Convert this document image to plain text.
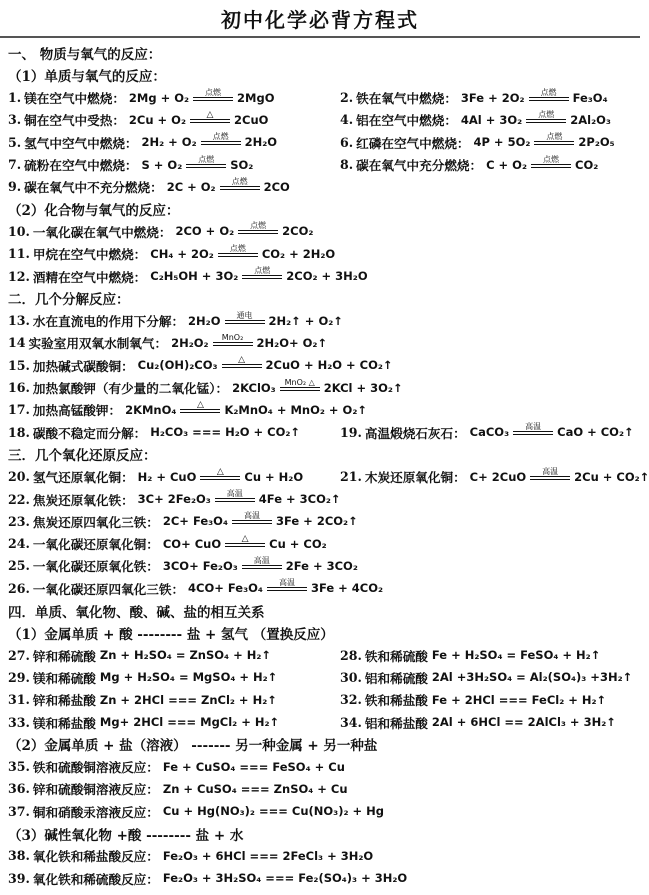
初中化学必背方程式
一、 物质与氧气的反应：
（1）单质与氧气的反应：
1. 镁在空气中燃烧： 2Mg + O₂ 点燃 2MgO	2. 铁在氧气中燃烧： 3Fe + 2O₂ 点燃 Fe₃O₄
3. 铜在空气中受热： 2Cu + O₂ △ 2CuO	4. 铝在空气中燃烧： 4Al + 3O₂ 点燃 2Al₂O₃
5. 氢气中空气中燃烧： 2H₂ + O₂ 点燃 2H₂O	6. 红磷在空气中燃烧： 4P + 5O₂ 点燃 2P₂O₅
7. 硫粉在空气中燃烧： S + O₂ 点燃 SO₂	8. 碳在氧气中充分燃烧： C + O₂ 点燃 CO₂
9. 碳在氧气中不充分燃烧： 2C + O₂ 点燃 2CO
（2）化合物与氧气的反应：
10. 一氧化碳在氧气中燃烧： 2CO + O₂ 点燃 2CO₂
11. 甲烷在空气中燃烧： CH₄ + 2O₂ 点燃 CO₂ + 2H₂O
12. 酒精在空气中燃烧： C₂H₅OH + 3O₂ 点燃 2CO₂ + 3H₂O
二．几个分解反应：
13. 水在直流电的作用下分解： 2H₂O 通电 2H₂↑ + O₂↑
14 实验室用双氧水制氧气： 2H₂O₂ MnO₂ 2H₂O+ O₂↑
15. 加热碱式碳酸铜： Cu₂(OH)₂CO₃ △ 2CuO + H₂O + CO₂↑
16. 加热氯酸钾（有少量的二氧化锰）： 2KClO₃ MnO₂ △ 2KCl + 3O₂↑
17. 加热高锰酸钾： 2KMnO₄ △ K₂MnO₄ + MnO₂ + O₂↑
18. 碳酸不稳定而分解： H₂CO₃ === H₂O + CO₂↑	19. 高温煅烧石灰石： CaCO₃ 高温 CaO + CO₂↑
三．几个氧化还原反应：
20. 氢气还原氧化铜： H₂ + CuO △ Cu + H₂O	21. 木炭还原氧化铜： C+ 2CuO 高温 2Cu + CO₂↑
22. 焦炭还原氧化铁： 3C+ 2Fe₂O₃ 高温 4Fe + 3CO₂↑
23. 焦炭还原四氧化三铁： 2C+ Fe₃O₄ 高温 3Fe + 2CO₂↑
24. 一氧化碳还原氧化铜： CO+ CuO △ Cu + CO₂
25. 一氧化碳还原氧化铁： 3CO+ Fe₂O₃ 高温 2Fe + 3CO₂
26. 一氧化碳还原四氧化三铁： 4CO+ Fe₃O₄ 高温 3Fe + 4CO₂
四．单质、氧化物、酸、碱、盐的相互关系
（1）金属单质 + 酸 -------- 盐 + 氢气 （置换反应）
27. 锌和稀硫酸 Zn + H₂SO₄ = ZnSO₄ + H₂↑	28. 铁和稀硫酸 Fe + H₂SO₄ = FeSO₄ + H₂↑
29. 镁和稀硫酸 Mg + H₂SO₄ = MgSO₄ + H₂↑	30. 铝和稀硫酸 2Al +3H₂SO₄ = Al₂(SO₄)₃ +3H₂↑
31. 锌和稀盐酸 Zn + 2HCl === ZnCl₂ + H₂↑	32. 铁和稀盐酸 Fe + 2HCl === FeCl₂ + H₂↑
33. 镁和稀盐酸 Mg+ 2HCl === MgCl₂ + H₂↑	34. 铝和稀盐酸 2Al + 6HCl == 2AlCl₃ + 3H₂↑
（2）金属单质 + 盐（溶液） ------- 另一种金属 + 另一种盐
35. 铁和硫酸铜溶液反应： Fe + CuSO₄ === FeSO₄ + Cu
36. 锌和硫酸铜溶液反应： Zn + CuSO₄ === ZnSO₄ + Cu
37. 铜和硝酸汞溶液反应： Cu + Hg(NO₃)₂ === Cu(NO₃)₂ + Hg
（3）碱性氧化物 +酸 -------- 盐 + 水
38. 氧化铁和稀盐酸反应： Fe₂O₃ + 6HCl === 2FeCl₃ + 3H₂O
39. 氧化铁和稀硫酸反应： Fe₂O₃ + 3H₂SO₄ === Fe₂(SO₄)₃ + 3H₂O
